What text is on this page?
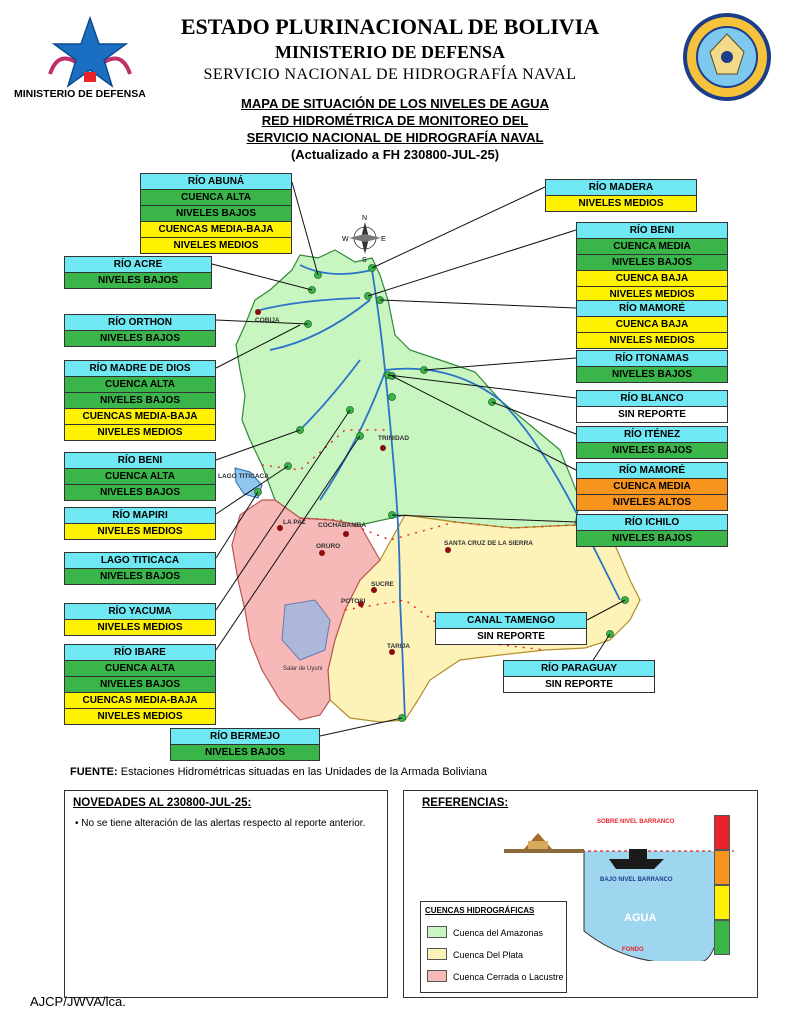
MINISTERIO DE DEFENSA
ESTADO PLURINACIONAL DE BOLIVIA
MINISTERIO DE DEFENSA
SERVICIO NACIONAL DE HIDROGRAFÍA NAVAL
MAPA DE SITUACIÓN DE LOS NIVELES DE AGUA
RED HIDROMÉTRICA DE MONITOREO DEL
SERVICIO NACIONAL DE HIDROGRAFÍA NAVAL
(Actualizado a FH 230800-JUL-25)
N
S
E
W
COBIJA
TRINIDAD
LA PAZ COCHABAMBA
ORURO	SANTA CRUZ DE LA SIERRA
SUCRE
POTOSI
TARIJA
LAGO TITICACA
Salar de Uyuni
RÍO ABUNÁ
CUENCA ALTA
NIVELES BAJOS
CUENCAS MEDIA-BAJA
NIVELES MEDIOS
RÍO ACRE
NIVELES BAJOS
RÍO ORTHON
NIVELES BAJOS
RÍO MADRE DE DIOS
CUENCA ALTA
NIVELES BAJOS
CUENCAS MEDIA-BAJA
NIVELES MEDIOS
RÍO BENI
CUENCA ALTA
NIVELES BAJOS
RÍO MAPIRI
NIVELES MEDIOS
LAGO TITICACA
NIVELES BAJOS
RÍO YACUMA
NIVELES MEDIOS
RÍO IBARE
CUENCA ALTA
NIVELES BAJOS
CUENCAS MEDIA-BAJA
NIVELES MEDIOS
RÍO BERMEJO
NIVELES BAJOS
RÍO MADERA
NIVELES MEDIOS
RÍO BENI
CUENCA MEDIA
NIVELES BAJOS
CUENCA BAJA
NIVELES MEDIOS
RÍO MAMORÉ
CUENCA BAJA
NIVELES MEDIOS
RÍO ITONAMAS
NIVELES BAJOS
RÍO BLANCO
SIN REPORTE
RÍO ITÉNEZ
NIVELES BAJOS
RÍO MAMORÉ
CUENCA MEDIA
NIVELES ALTOS
RÍO ICHILO
NIVELES BAJOS
CANAL TAMENGO
SIN REPORTE
RÍO PARAGUAY
SIN REPORTE
FUENTE: Estaciones Hidrométricas situadas en las Unidades de la Armada Boliviana
NOVEDADES AL 230800-JUL-25:
• No se tiene alteración de las alertas respecto al reporte anterior.
REFERENCIAS:
SOBRE NIVEL BARRANCO
BAJO NIVEL BARRANCO
AGUA
FONDO
CUENCAS HIDROGRÁFICAS
Cuenca del Amazonas
Cuenca Del Plata
Cuenca Cerrada o Lacustre
AJCP/JWVA/lca.
